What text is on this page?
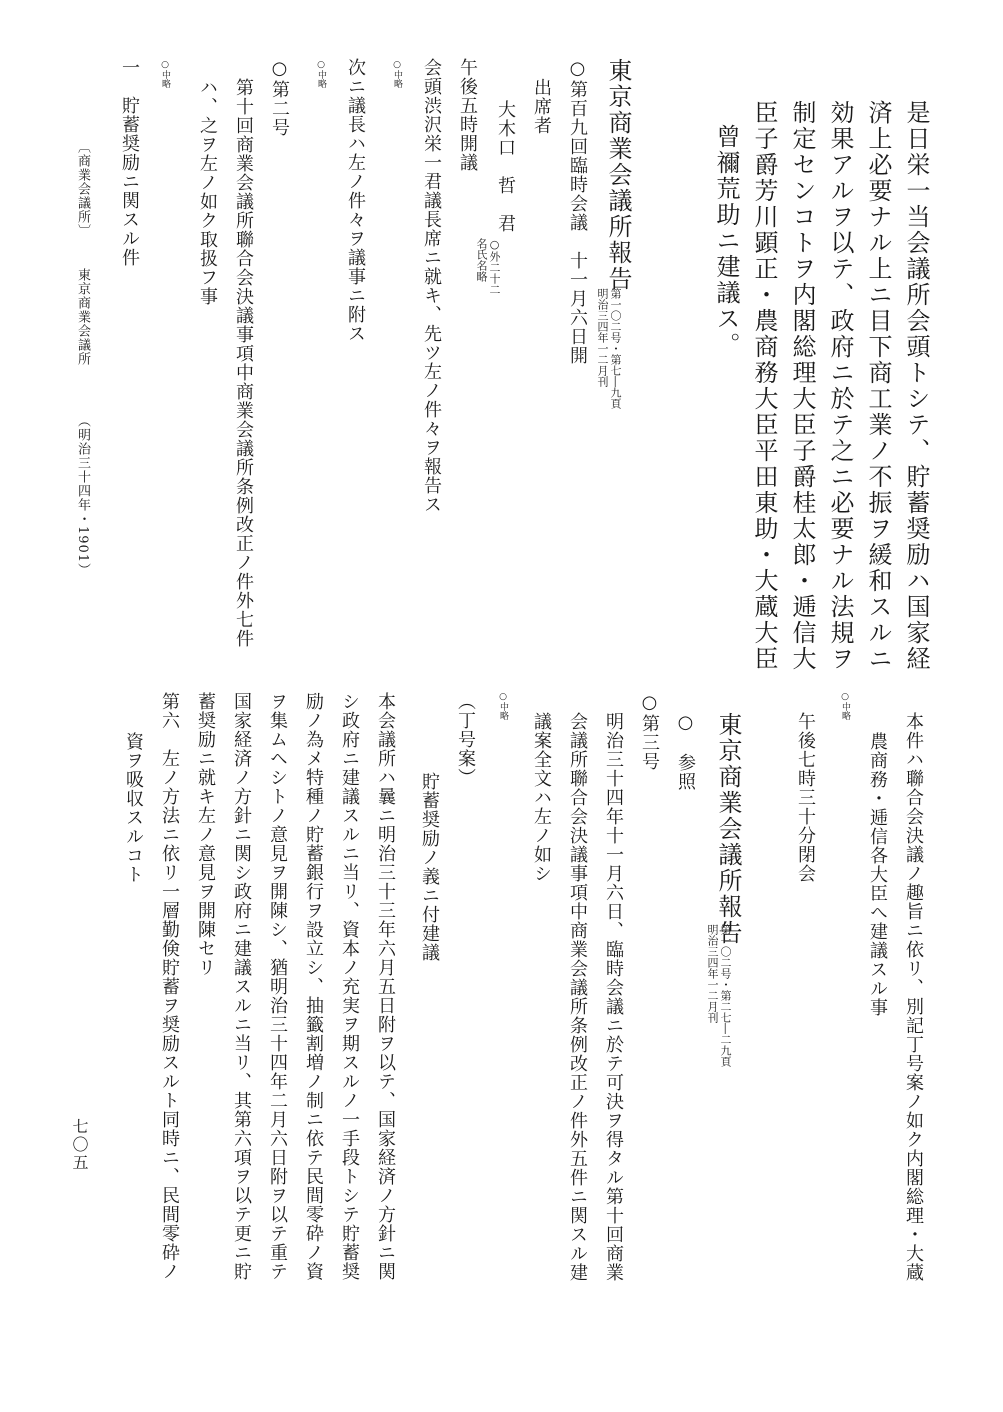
是日栄一当会議所会頭トシテ、貯蓄奨励ハ国家経
済上必要ナル上ニ目下商工業ノ不振ヲ緩和スルニ
効果アルヲ以テ、政府ニ於テ之ニ必要ナル法規ヲ
制定センコトヲ内閣総理大臣子爵桂太郎・逓信大
臣子爵芳川顕正・農商務大臣平田東助・大蔵大臣
曾禰荒助ニ建議ス。
東京商業会議所報告
第一〇二号・第七―九頁
明治三四年一二月刊
○第百九回臨時会議　十一月六日開
出席者
大木口　哲　君
○外二十二
名氏名略
午後五時開議
会頭渋沢栄一君議長席ニ就キ、先ツ左ノ件々ヲ報告ス
○中略
次ニ議長ハ左ノ件々ヲ議事ニ附ス
○中略
○第二号
第十回商業会議所聯合会決議事項中商業会議所条例改正ノ件外七件
ハ、之ヲ左ノ如ク取扱フ事
○中略
一　貯蓄奨励ニ関スル件
〔商業会議所〕
東京商業会議所
（明治三十四年・1901）
本件ハ聯合会決議ノ趣旨ニ依リ、別記丁号案ノ如ク内閣総理・大蔵
農商務・逓信各大臣へ建議スル事
○中略
午後七時三十分閉会
東京商業会議所報告
第一〇二号・第二七―二九頁
明治三四年一二月刊
○　参照
○第三号
明治三十四年十一月六日、臨時会議ニ於テ可決ヲ得タル第十回商業
会議所聯合会決議事項中商業会議所条例改正ノ件外五件ニ関スル建
議案全文ハ左ノ如シ
○中略
（丁号案）
貯蓄奨励ノ義ニ付建議
本会議所ハ曩ニ明治三十三年六月五日附ヲ以テ、国家経済ノ方針ニ関
シ政府ニ建議スルニ当リ、資本ノ充実ヲ期スルノ一手段トシテ貯蓄奨
励ノ為メ特種ノ貯蓄銀行ヲ設立シ、抽籤割増ノ制ニ依テ民間零砕ノ資
ヲ集ムヘシトノ意見ヲ開陳シ、猶明治三十四年二月六日附ヲ以テ重テ
国家経済ノ方針ニ関シ政府ニ建議スルニ当リ、其第六項ヲ以テ更ニ貯
蓄奨励ニ就キ左ノ意見ヲ開陳セリ
第六　左ノ方法ニ依リ一層勤倹貯蓄ヲ奨励スルト同時ニ、民間零砕ノ
資ヲ吸収スルコト
七〇五
